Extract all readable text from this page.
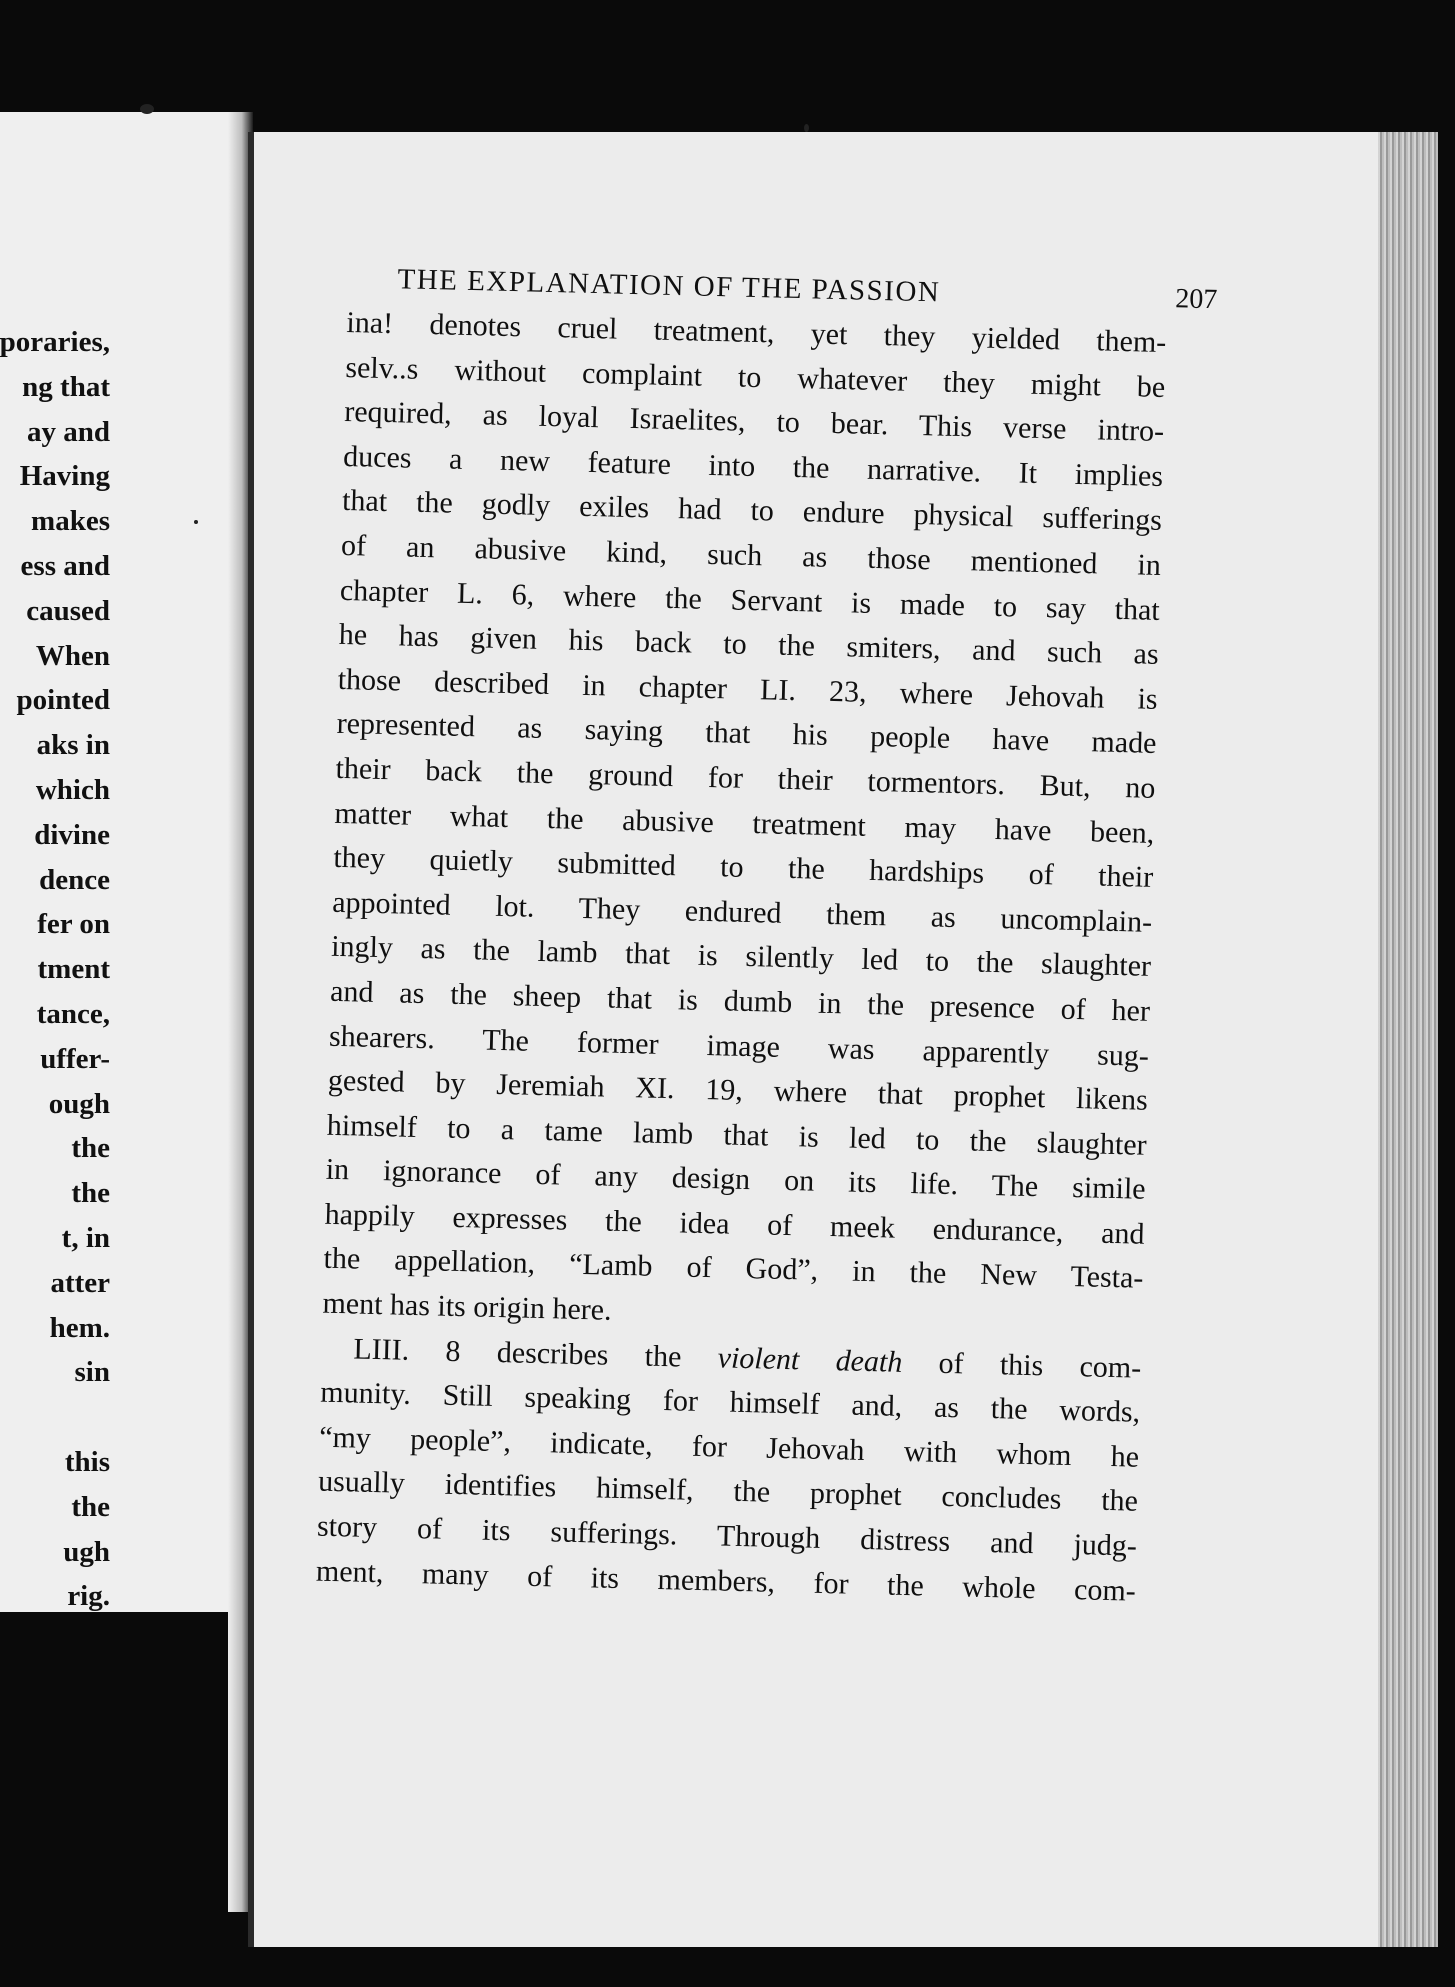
poraries,
ng that
ay and
Having
makes
ess and
caused
When
pointed
aks in
which
divine
dence
fer on
tment
tance,
uffer-
ough
the
the
t, in
atter
hem.
sin
this
the
ugh
rig.
THE EXPLANATION OF THE PASSION	207
ina! denotes cruel treatment, yet they yielded them-
selv..s without complaint to whatever they might be
required, as loyal Israelites, to bear. This verse intro-
duces a new feature into the narrative. It implies
that the godly exiles had to endure physical sufferings
of an abusive kind, such as those mentioned in
chapter L. 6, where the Servant is made to say that
he has given his back to the smiters, and such as
those described in chapter LI. 23, where Jehovah is
represented as saying that his people have made
their back the ground for their tormentors. But, no
matter what the abusive treatment may have been,
they quietly submitted to the hardships of their
appointed lot. They endured them as uncomplain-
ingly as the lamb that is silently led to the slaughter
and as the sheep that is dumb in the presence of her
shearers. The former image was apparently sug-
gested by Jeremiah XI. 19, where that prophet likens
himself to a tame lamb that is led to the slaughter
in ignorance of any design on its life. The simile
happily expresses the idea of meek endurance, and
the appellation, “Lamb of God”, in the New Testa-
ment has its origin here.
LIII. 8 describes the violent death of this com-
munity. Still speaking for himself and, as the words,
“my people”, indicate, for Jehovah with whom he
usually identifies himself, the prophet concludes the
story of its sufferings. Through distress and judg-
ment, many of its members, for the whole com-
